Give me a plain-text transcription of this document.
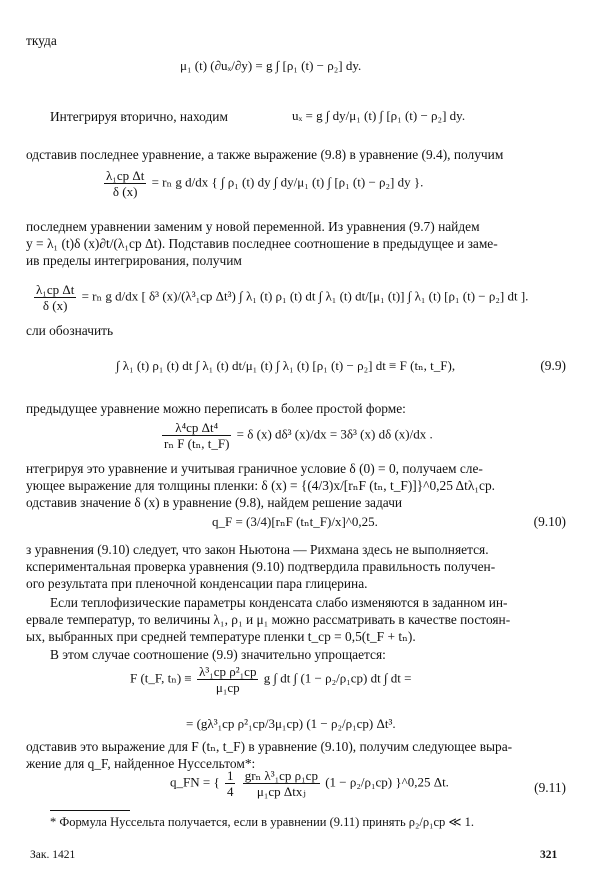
ткуда
μ₁ (t) (∂uₓ/∂y) = g ∫ [ρ₁ (t) − ρ₂] dy.
Интегрируя вторично, находим	uₓ = g ∫ dy/μ₁ (t) ∫ [ρ₁ (t) − ρ₂] dy.
одставив последнее уравнение, а также выражение (9.8) в уравнение (9.4), получим
$\frac{\text{λ₁cp Δt}}{\delta (x)} = r_n$ g d/dx { ∫ ρ₁ (t) dy ∫ dy/μ₁ (t) ∫ [ρ₁ (t) − ρ₂] dy }.
последнем уравнении заменим y новой переменной. Из уравнения (9.7) найдем
y = λ₁ (t)δ (x)∂t/(λ₁cp Δt). Подставив последнее соотношение в предыдущее и заме-
ив пределы интегрирования, получим
$\frac{\text{λ₁cp Δt}}{\delta (x)} = r_n$ g d/dx [ δ³ (x)/(λ³₁cp Δt³) ∫ λ₁ (t) ρ₁ (t) dt ∫ λ₁ (t) dt/[μ₁ (t)] ∫ λ₁ (t) [ρ₁ (t) − ρ₂] dt ].
сли обозначить
∫ λ₁ (t) ρ₁ (t) dt ∫ λ₁ (t) dt/μ₁ (t) ∫ λ₁ (t) [ρ₁ (t) − ρ₂] dt ≡ F (tₙ, t_F),	(9.9)
предыдущее уравнение можно переписать в более простой форме:
$\frac{\text{λ⁴cp Δt⁴}}{\text{rₙ F (tₙ, t\_F)}} = \delta$ (x) dδ³ (x)/dx = 3δ³ (x) dδ (x)/dx .
нтегрируя это уравнение и учитывая граничное условие δ (0) = 0, получаем сле-
ующее выражение для толщины пленки: δ (x) = {(4/3)x/[rₙF (tₙ, t_F)]}^0,25 Δtλ₁cp.
одставив значение δ (x) в уравнение (9.8), найдем решение задачи
q_F = (3/4)[rₙF (tₙt_F)/x]^0,25.	(9.10)
з уравнения (9.10) следует, что закон Ньютона — Рихмана здесь не выполняется.
кспериментальная проверка уравнения (9.10) подтвердила правильность получен-
ого результата при пленочной конденсации пара глицерина.
Если теплофизические параметры конденсата слабо изменяются в заданном ин-
ервале температур, то величины λ₁, ρ₁ и μ₁ можно рассматривать в качестве постоян-
ых, выбранных при средней температуре пленки t_cp = 0,5(t_F + tₙ).
В этом случае соотношение (9.9) значительно упрощается:
F (t_F, $t_n) \equiv \frac{\text{λ³₁cp ρ²₁cp}}{\text{μ₁cp}}$ g ∫ dt ∫ (1 − ρ₂/ρ₁cp) dt ∫ dt =
= (gλ³₁cp ρ²₁cp/3μ₁cp) (1 − ρ₂/ρ₁cp) Δt³.
одставив это выражение для F (tₙ, t_F) в уравнение (9.10), получим следующее выра-
жение для q_F, найденное Нуссельтом*:
q_FN = { $\frac{1}{4}$
$\frac{\text{grₙ λ³₁cp ρ₁cp}}{\text{μ₁cp Δtxⱼ}} (1 - \rho_2/\rho_1cp)$ }^0,25 Δt.	(9.11)
* Формула Нуссельта получается, если в уравнении (9.11) принять ρ₂/ρ₁cp ≪ 1.
Зак. 1421	321
